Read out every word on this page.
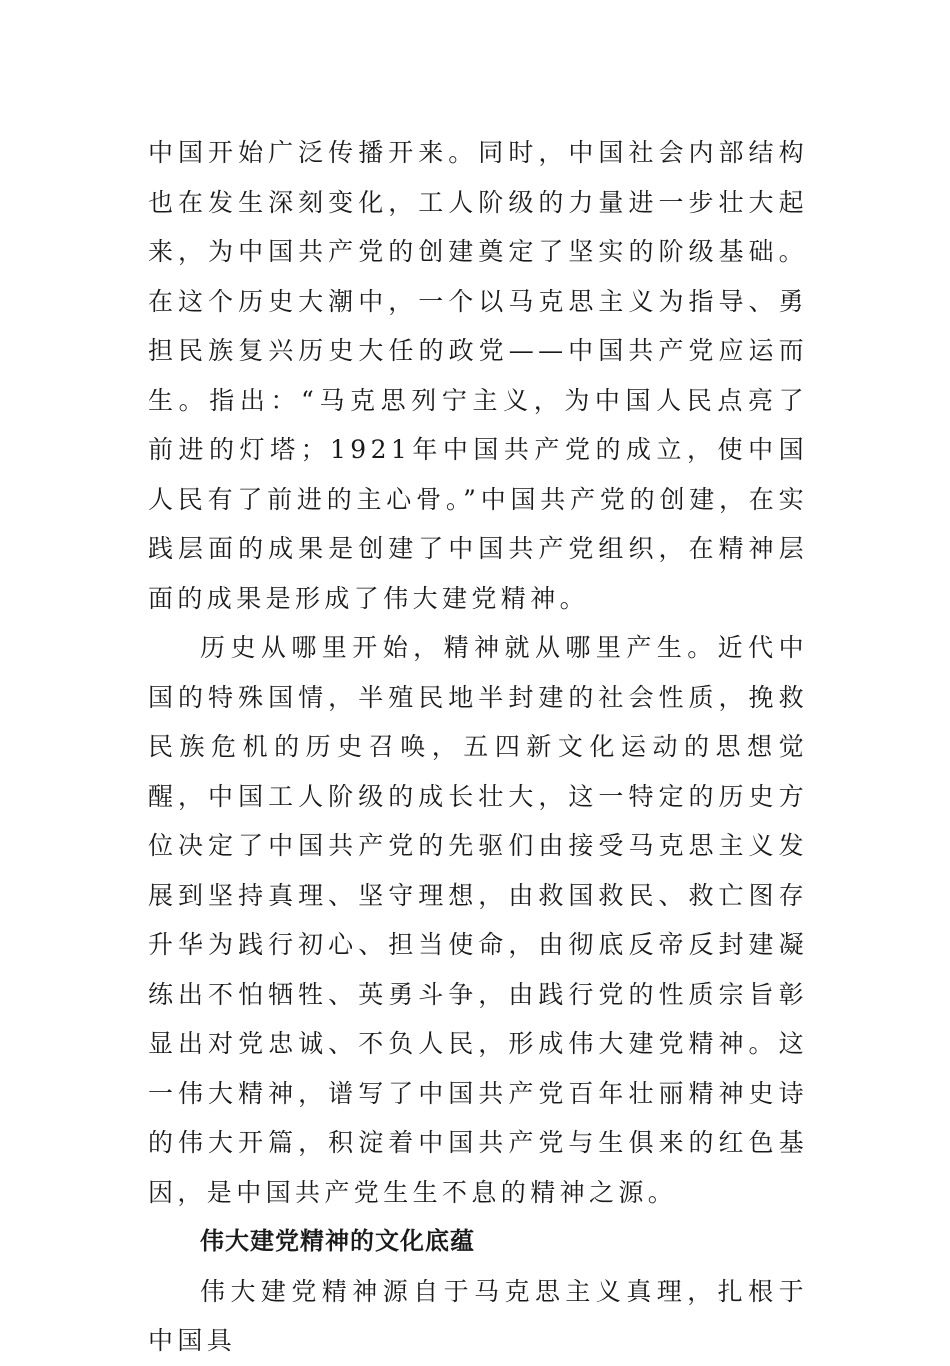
中国开始广泛传播开来。同时，中国社会内部结构也在发生深刻变化，工人阶级的力量进一步壮大起来，为中国共产党的创建奠定了坚实的阶级基础。在这个历史大潮中，一个以马克思主义为指导、勇担民族复兴历史大任的政党——中国共产党应运而生。指出：“马克思列宁主义，为中国人民点亮了前进的灯塔；1921年中国共产党的成立，使中国人民有了前进的主心骨。”中国共产党的创建，在实践层面的成果是创建了中国共产党组织，在精神层面的成果是形成了伟大建党精神。

历史从哪里开始，精神就从哪里产生。近代中国的特殊国情，半殖民地半封建的社会性质，挽救民族危机的历史召唤，五四新文化运动的思想觉醒，中国工人阶级的成长壮大，这一特定的历史方位决定了中国共产党的先驱们由接受马克思主义发展到坚持真理、坚守理想，由救国救民、救亡图存升华为践行初心、担当使命，由彻底反帝反封建凝练出不怕牺牲、英勇斗争，由践行党的性质宗旨彰显出对党忠诚、不负人民，形成伟大建党精神。这一伟大精神，谱写了中国共产党百年壮丽精神史诗的伟大开篇，积淀着中国共产党与生俱来的红色基因，是中国共产党生生不息的精神之源。

伟大建党精神的文化底蕴

伟大建党精神源自于马克思主义真理，扎根于中国具
